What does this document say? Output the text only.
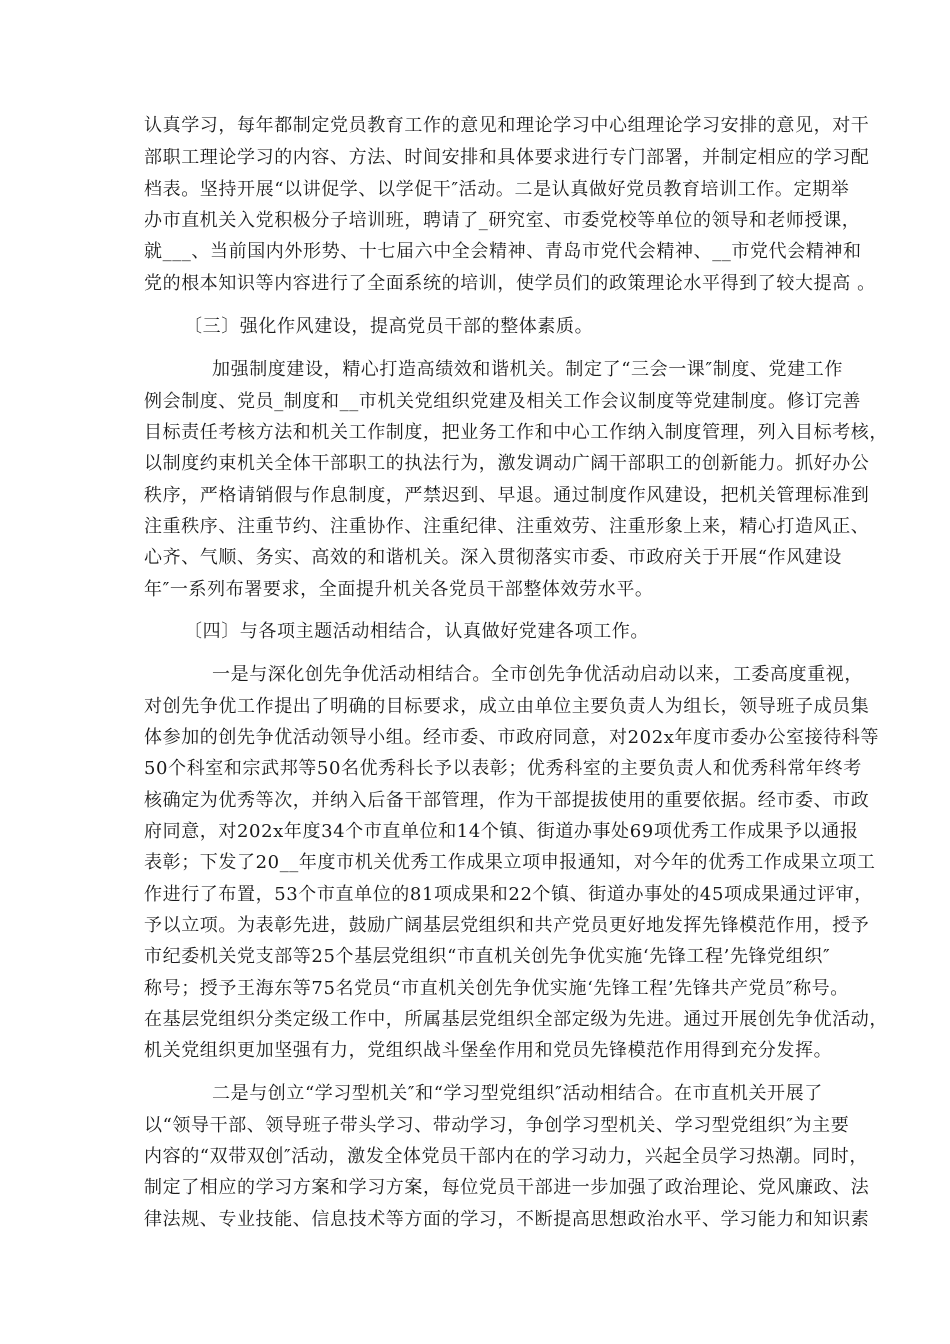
认真学习，每年都制定党员教育工作的意见和理论学习中心组理论学习安排的意见，对干
部职工理论学习的内容、方法、时间安排和具体要求进行专门部署，并制定相应的学习配
档表。坚持开展“以讲促学、以学促干″活动。二是认真做好党员教育培训工作。定期举
办市直机关入党积极分子培训班，聘请了_研究室、市委党校等单位的领导和老师授课，
就___、当前国内外形势、十七届六中全会精神、青岛市党代会精神、__市党代会精神和
党的根本知识等内容进行了全面系统的培训，使学员们的政策理论水平得到了较大提高 。
〔三〕强化作风建设，提高党员干部的整体素质。
加强制度建设，精心打造高绩效和谐机关。制定了“三会一课″制度、党建工作
例会制度、党员_制度和__市机关党组织党建及相关工作会议制度等党建制度。修订完善
目标责任考核方法和机关工作制度，把业务工作和中心工作纳入制度管理，列入目标考核，
以制度约束机关全体干部职工的执法行为，激发调动广阔干部职工的创新能力。抓好办公
秩序，严格请销假与作息制度，严禁迟到、早退。通过制度作风建设，把机关管理标准到
注重秩序、注重节约、注重协作、注重纪律、注重效劳、注重形象上来，精心打造风正、
心齐、气顺、务实、高效的和谐机关。深入贯彻落实市委、市政府关于开展“作风建设
年″一系列布署要求，全面提升机关各党员干部整体效劳水平。
〔四〕与各项主题活动相结合，认真做好党建各项工作。
一是与深化创先争优活动相结合。全市创先争优活动启动以来，工委高度重视，
对创先争优工作提出了明确的目标要求，成立由单位主要负责人为组长，领导班子成员集
体参加的创先争优活动领导小组。经市委、市政府同意，对202x年度市委办公室接待科等
50个科室和宗武邦等50名优秀科长予以表彰；优秀科室的主要负责人和优秀科常年终考
核确定为优秀等次，并纳入后备干部管理，作为干部提拔使用的重要依据。经市委、市政
府同意，对202x年度34个市直单位和14个镇、街道办事处69项优秀工作成果予以通报
表彰；下发了20__年度市机关优秀工作成果立项申报通知，对今年的优秀工作成果立项工
作进行了布置，53个市直单位的81项成果和22个镇、街道办事处的45项成果通过评审，
予以立项。为表彰先进，鼓励广阔基层党组织和共产党员更好地发挥先锋模范作用，授予
市纪委机关党支部等25个基层党组织“市直机关创先争优实施‘先锋工程’先锋党组织″
称号；授予王海东等75名党员“市直机关创先争优实施‘先锋工程’先锋共产党员″称号。
在基层党组织分类定级工作中，所属基层党组织全部定级为先进。通过开展创先争优活动，
机关党组织更加坚强有力，党组织战斗堡垒作用和党员先锋模范作用得到充分发挥。
二是与创立“学习型机关″和“学习型党组织″活动相结合。在市直机关开展了
以“领导干部、领导班子带头学习、带动学习，争创学习型机关、学习型党组织″为主要
内容的“双带双创″活动，激发全体党员干部内在的学习动力，兴起全员学习热潮。同时，
制定了相应的学习方案和学习方案，每位党员干部进一步加强了政治理论、党风廉政、法
律法规、专业技能、信息技术等方面的学习，不断提高思想政治水平、学习能力和知识素
